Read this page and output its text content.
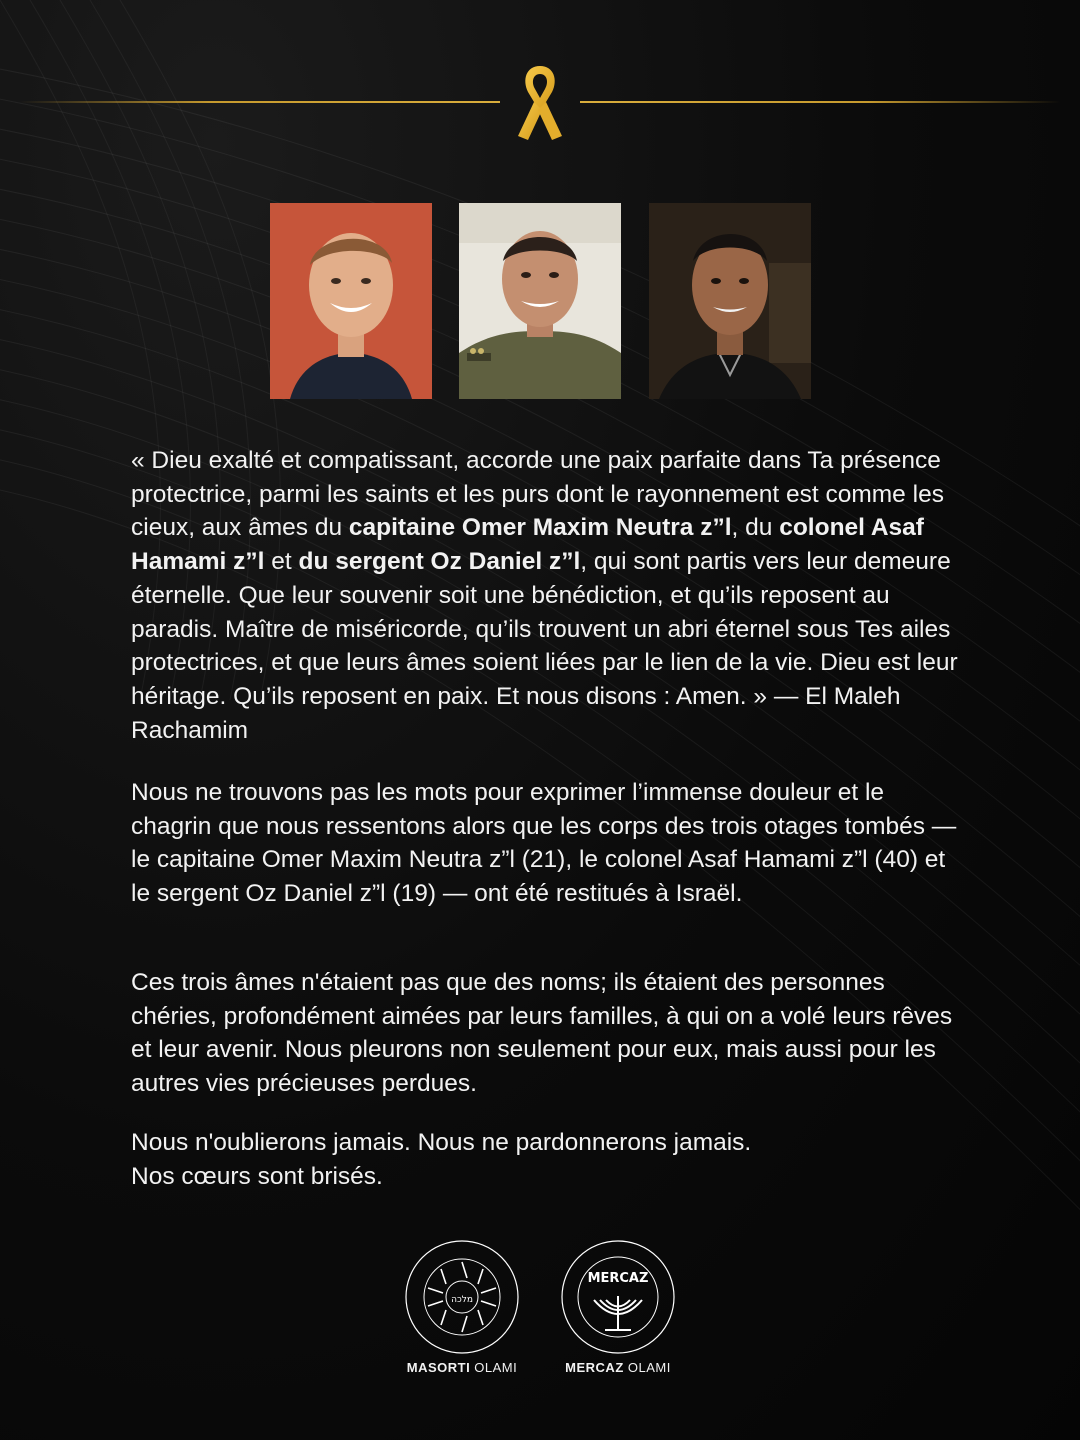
« Dieu exalté et compatissant, accorde une paix parfaite dans Ta présence protectrice, parmi les saints et les purs dont le rayonnement est comme les cieux, aux âmes du capitaine Omer Maxim Neutra z”l, du colonel Asaf Hamami z”l et du sergent Oz Daniel z”l, qui sont partis vers leur demeure éternelle. Que leur souvenir soit une bénédiction, et qu’ils reposent au paradis. Maître de miséricorde, qu’ils trouvent un abri éternel sous Tes ailes protectrices, et que leurs âmes soient liées par le lien de la vie. Dieu est leur héritage. Qu’ils reposent en paix. Et nous disons : Amen. » — El Maleh Rachamim
Nous ne trouvons pas les mots pour exprimer l’immense douleur et le chagrin que nous ressentons alors que les corps des trois otages tombés — le capitaine Omer Maxim Neutra z”l (21), le colonel Asaf Hamami z”l (40) et le sergent Oz Daniel z”l (19) — ont été restitués à Israël.
Ces trois âmes n'étaient pas que des noms; ils étaient des personnes chéries, profondément aimées par leurs familles, à qui on a volé leurs rêves et leur avenir. Nous pleurons non seulement pour eux, mais aussi pour les autres vies précieuses perdues.
Nous n'oublierons jamais. Nous ne pardonnerons jamais.
Nos cœurs sont brisés.
מלכה
MASORTI OLAMI
MERCAZ
MERCAZ OLAMI
